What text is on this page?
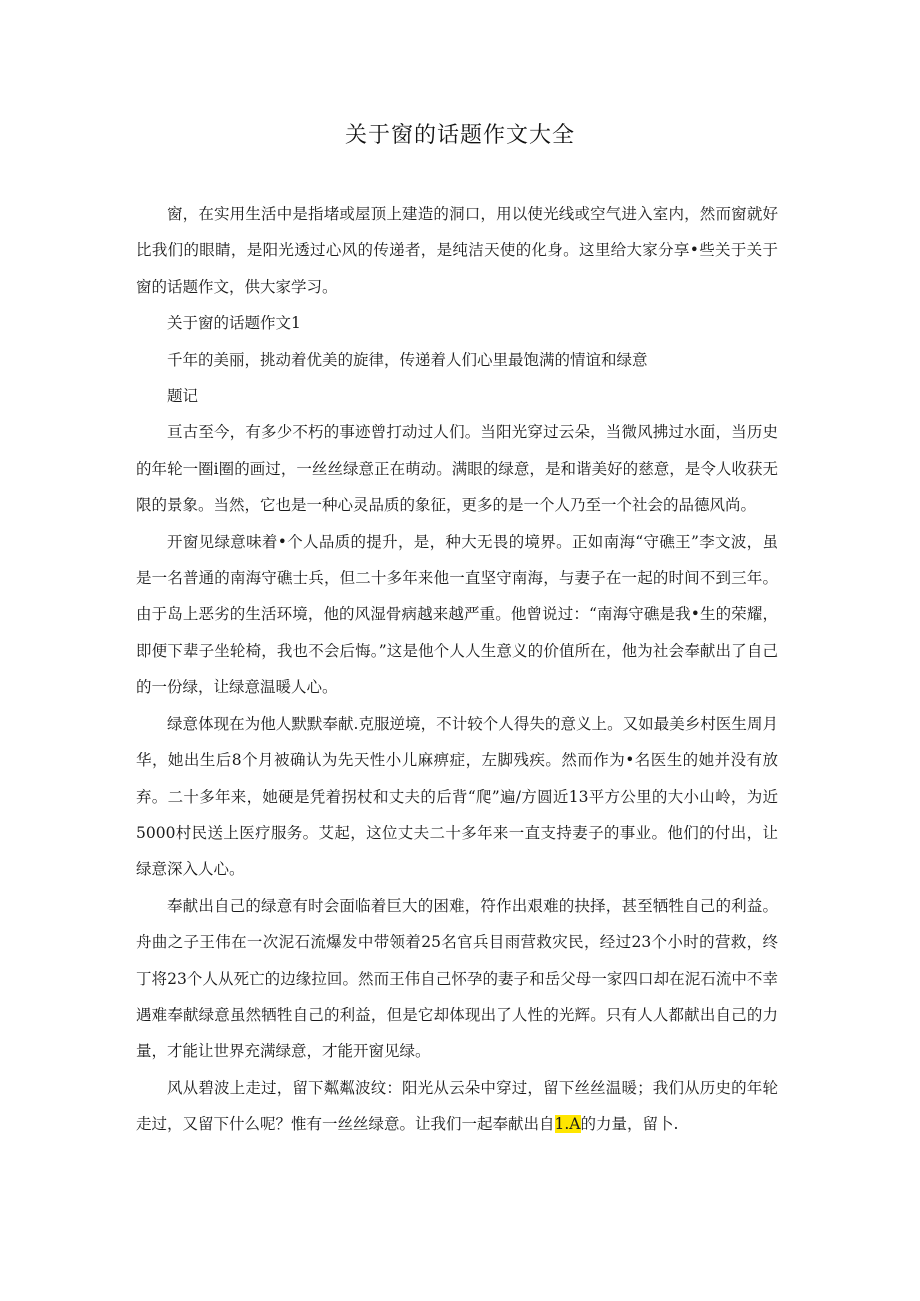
关于窗的话题作文大全

窗，在实用生活中是指堵或屋顶上建造的洞口，用以使光线或空气进入室内，然而窗就好比我们的眼睛，是阳光透过心风的传递者，是纯洁天使的化身。这里给大家分享•些关于关于窗的话题作文，供大家学习。

关于窗的话题作文1

千年的美丽，挑动着优美的旋律，传递着人们心里最饱满的情谊和绿意

题记

亘古至今，有多少不朽的事迹曾打动过人们。当阳光穿过云朵，当微风拂过水面，当历史的年轮一圈i圈的画过，一丝丝绿意正在萌动。满眼的绿意，是和谐美好的慈意，是令人收获无限的景象。当然，它也是一种心灵品质的象征，更多的是一个人乃至一个社会的品德风尚。

开窗见绿意味着•个人品质的提升，是，种大无畏的境界。正如南海“守礁王”李文波，虽是一名普通的南海守礁士兵，但二十多年来他一直坚守南海，与妻子在一起的时间不到三年。由于岛上恶劣的生活环境，他的风湿骨病越来越严重。他曾说过：“南海守礁是我•生的荣耀，即便下辈子坐轮椅，我也不会后悔。”这是他个人人生意义的价值所在，他为社会奉献出了自己的一份绿，让绿意温暖人心。

绿意体现在为他人默默奉献.克服逆境，不计较个人得失的意义上。又如最美乡村医生周月华，她出生后8个月被确认为先天性小儿麻痹症，左脚残疾。然而作为•名医生的她并没有放弃。二十多年来，她硬是凭着拐杖和丈夫的后背“爬”遍/方圆近13平方公里的大小山岭，为近5000村民送上医疗服务。艾起，这位丈夫二十多年来一直支持妻子的事业。他们的付出，让绿意深入人心。

奉献出自己的绿意有时会面临着巨大的困难，符作出艰难的抉择，甚至牺牲自己的利益。舟曲之子王伟在一次泥石流爆发中带领着25名官兵目雨营救灾民，经过23个小时的营救，终丁将23个人从死亡的边缘拉回。然而王伟自己怀孕的妻子和岳父母一家四口却在泥石流中不幸遇难奉献绿意虽然牺牲自己的利益，但是它却体现出了人性的光辉。只有人人都献出自己的力量，才能让世界充满绿意，才能开窗见绿。

风从碧波上走过，留下粼粼波纹：阳光从云朵中穿过，留下丝丝温暖；我们从历史的年轮走过，又留下什么呢？惟有一丝丝绿意。让我们一起奉献出自1.A的力量，留卜.
